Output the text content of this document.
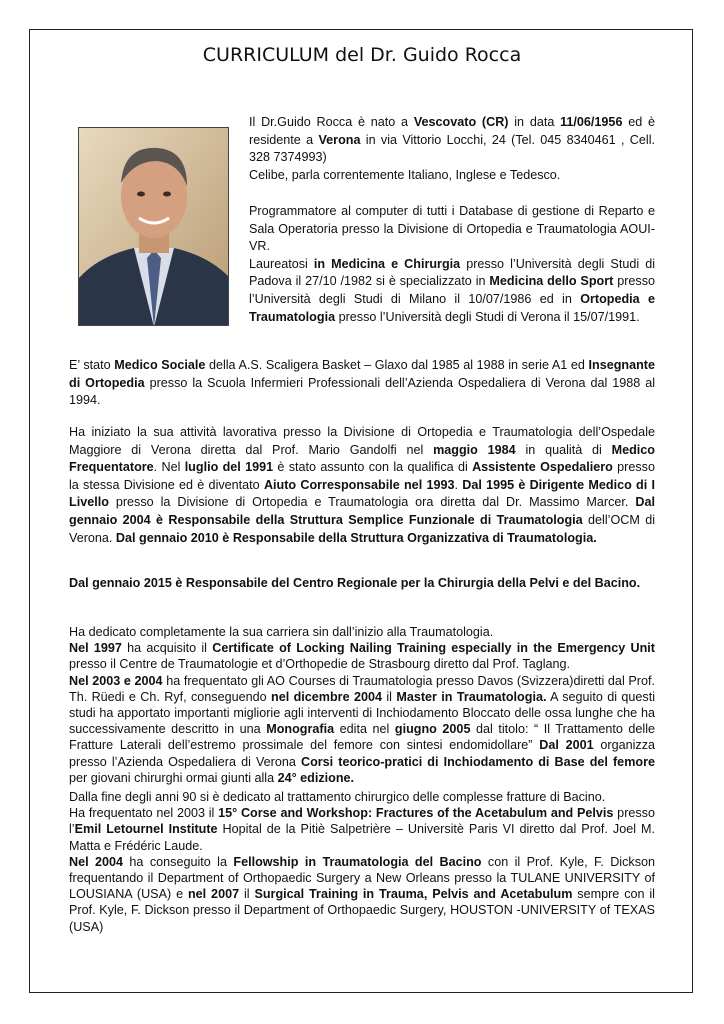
CURRICULUM del Dr. Guido Rocca
Il Dr.Guido Rocca è nato a Vescovato (CR) in data 11/06/1956 ed è residente a Verona in via Vittorio Locchi, 24 (Tel. 045 8340461 , Cell. 328 7374993)
Celibe, parla correntemente Italiano, Inglese e Tedesco.
Programmatore al computer di tutti i Database di gestione di Reparto e Sala Operatoria presso la Divisione di Ortopedia e Traumatologia AOUI-VR.
Laureatosi in Medicina e Chirurgia presso l’Università degli Studi di Padova il 27/10 /1982 si è specializzato in Medicina dello Sport presso l’Università degli Studi di Milano il 10/07/1986 ed in Ortopedia e Traumatologia presso l’Università degli Studi di Verona il 15/07/1991.
E’ stato Medico Sociale della A.S. Scaligera Basket – Glaxo dal 1985 al 1988 in serie A1 ed Insegnante di Ortopedia presso la Scuola Infermieri Professionali dell’Azienda Ospedaliera di Verona dal 1988 al 1994.
Ha iniziato la sua attività lavorativa presso la Divisione di Ortopedia e Traumatologia dell’Ospedale Maggiore di Verona diretta dal Prof. Mario Gandolfi nel maggio 1984 in qualità di Medico Frequentatore. Nel luglio del 1991 è stato assunto con la qualifica di Assistente Ospedaliero presso la stessa Divisione ed è diventato Aiuto Corresponsabile nel 1993. Dal 1995 è Dirigente Medico di I Livello presso la Divisione di Ortopedia e Traumatologia ora diretta dal Dr. Massimo Marcer. Dal gennaio 2004 è Responsabile della Struttura Semplice Funzionale di Traumatologia dell’OCM di Verona. Dal gennaio 2010 è Responsabile della Struttura Organizzativa di Traumatologia.
Dal gennaio 2015 è Responsabile del Centro Regionale per la Chirurgia della Pelvi e del Bacino.
Ha dedicato completamente la sua carriera sin dall’inizio alla Traumatologia.
Nel 1997 ha acquisito il Certificate of Locking Nailing Training especially in the Emergency Unit presso il Centre de Traumatologie et d’Orthopedie de Strasbourg diretto dal Prof. Taglang.
Nel 2003 e 2004 ha frequentato gli AO Courses di Traumatologia presso Davos (Svizzera)diretti dal Prof. Th. Rüedi e Ch. Ryf, conseguendo nel dicembre 2004 il Master in Traumatologia. A seguito di questi studi ha apportato importanti migliorie agli interventi di Inchiodamento Bloccato delle ossa lunghe che ha successivamente descritto in una Monografia edita nel giugno 2005 dal titolo: “ Il Trattamento delle Fratture Laterali dell’estremo prossimale del femore con sintesi endomidollare” Dal 2001 organizza presso l’Azienda Ospedaliera di Verona Corsi teorico-pratici di Inchiodamento di Base del femore per giovani chirurghi ormai giunti alla 24° edizione.
Dalla fine degli anni 90 si è dedicato al trattamento chirurgico delle complesse fratture di Bacino.
Ha frequentato nel 2003 il 15° Corse and Workshop: Fractures of the Acetabulum and Pelvis presso l’Emil Letournel Institute Hopital de la Pitiè Salpetrière – Universitè Paris VI diretto dal Prof. Joel M. Matta e Frédéric Laude.
Nel 2004 ha conseguito la Fellowship in Traumatologia del Bacino con il Prof. Kyle, F. Dickson frequentando il Department of Orthopaedic Surgery a New Orleans presso la TULANE UNIVERSITY of LOUSIANA (USA) e nel 2007 il Surgical Training in Trauma, Pelvis and Acetabulum sempre con il Prof. Kyle, F. Dickson presso il Department of Orthopaedic Surgery, HOUSTON -UNIVERSITY of TEXAS (USA)
